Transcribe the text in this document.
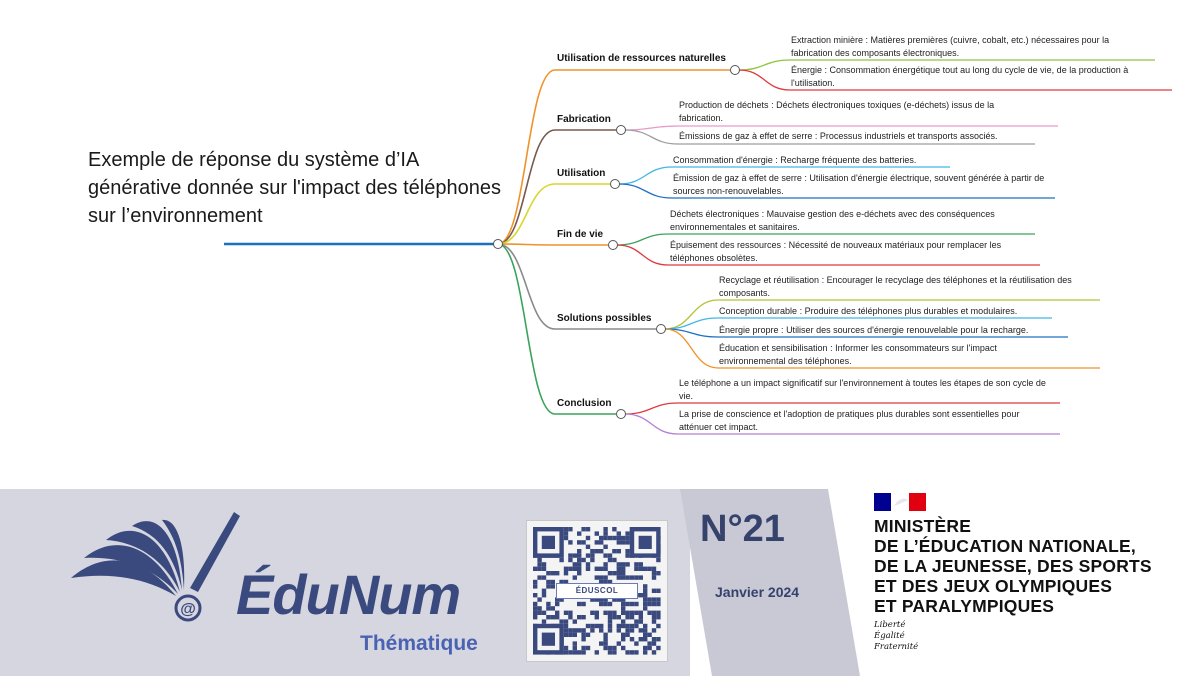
Exemple de réponse du système d’IA générative donnée sur l'impact des téléphones sur l’environnement
Utilisation de ressources naturelles
Fabrication
Utilisation
Fin de vie
Solutions possibles
Conclusion
Extraction minière : Matières premières (cuivre, cobalt, etc.) nécessaires pour la fabrication des composants électroniques.
Énergie : Consommation énergétique tout au long du cycle de vie, de la production à l'utilisation.
Production de déchets : Déchets électroniques toxiques (e-déchets) issus de la fabrication.
Émissions de gaz à effet de serre : Processus industriels et transports associés.
Consommation d'énergie : Recharge fréquente des batteries.
Émission de gaz à effet de serre : Utilisation d'énergie électrique, souvent générée à partir de sources non-renouvelables.
Déchets électroniques : Mauvaise gestion des e-déchets avec des conséquences environnementales et sanitaires.
Épuisement des ressources : Nécessité de nouveaux matériaux pour remplacer les téléphones obsolètes.
Recyclage et réutilisation : Encourager le recyclage des téléphones et la réutilisation des composants.
Conception durable : Produire des téléphones plus durables et modulaires.
Énergie propre : Utiliser des sources d'énergie renouvelable pour la recharge.
Éducation et sensibilisation : Informer les consommateurs sur l'impact environnemental des téléphones.
Le téléphone a un impact significatif sur l'environnement à toutes les étapes de son cycle de vie.
La prise de conscience et l'adoption de pratiques plus durables sont essentielles pour atténuer cet impact.
@ ÉduNum
Thématique
ÉDUSCOL
N°21
Janvier 2024
MINISTÈRE
DE L’ÉDUCATION NATIONALE,
DE LA JEUNESSE, DES SPORTS
ET DES JEUX OLYMPIQUES
ET PARALYMPIQUES
Liberté
Égalité
Fraternité
